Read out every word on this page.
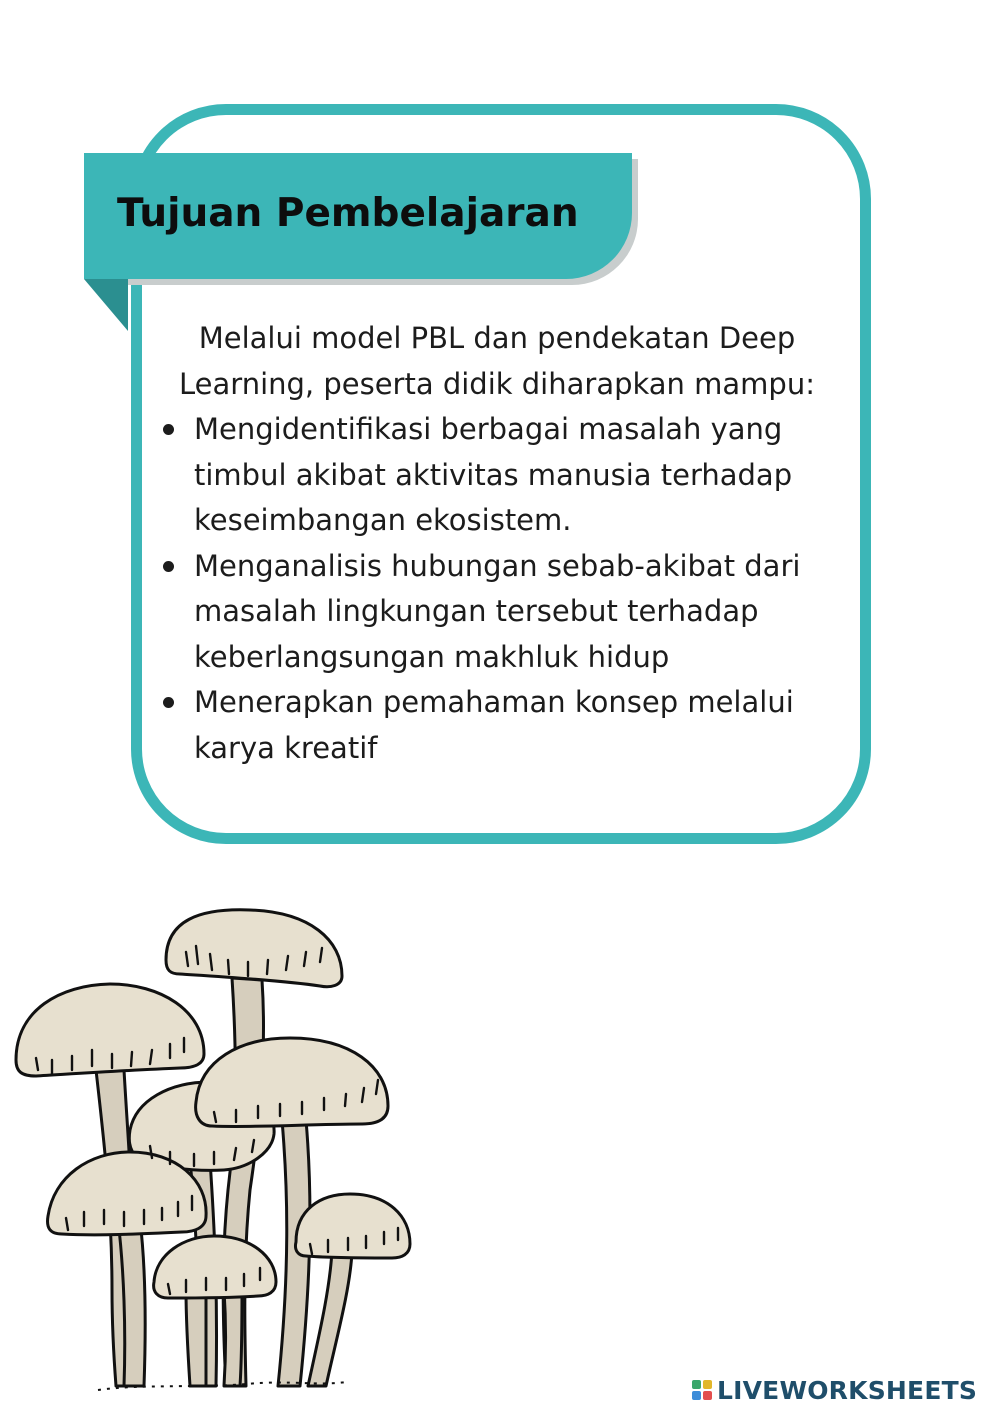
Tujuan Pembelajaran

Melalui model PBL dan pendekatan Deep Learning, peserta didik diharapkan mampu:

Mengidentifikasi berbagai masalah yang timbul akibat aktivitas manusia terhadap keseimbangan ekosistem.
Menganalisis hubungan sebab-akibat dari masalah lingkungan tersebut terhadap keberlangsungan makhluk hidup
Menerapkan pemahaman konsep melalui karya kreatif
LIVEWORKSHEETS
